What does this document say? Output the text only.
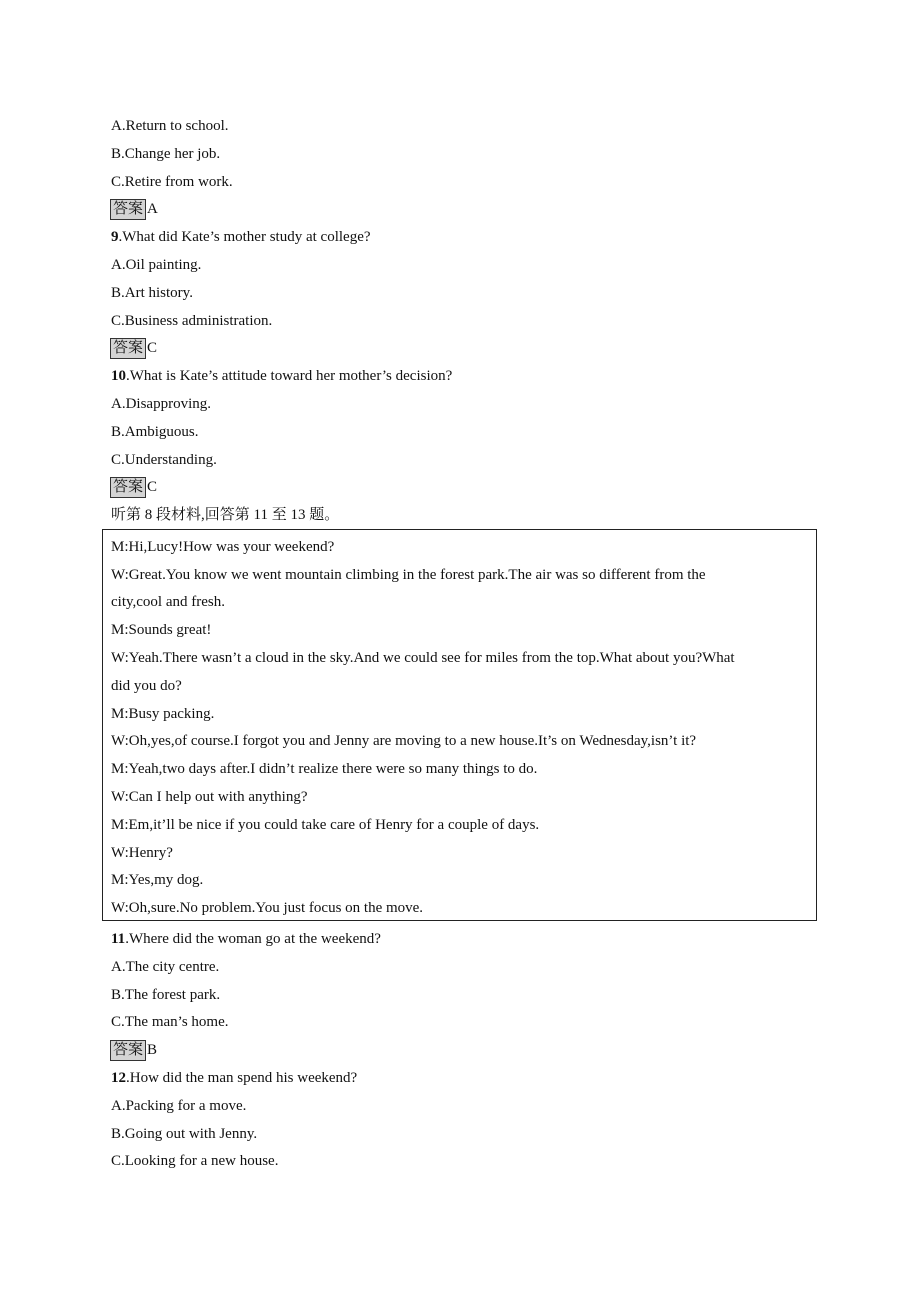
A.Return to school.
B.Change her job.
C.Retire from work.
答案 A
9.What did Kate’s mother study at college?
A.Oil painting.
B.Art history.
C.Business administration.
答案 C
10.What is Kate’s attitude toward her mother’s decision?
A.Disapproving.
B.Ambiguous.
C.Understanding.
答案 C
听第 8 段材料,回答第 11 至 13 题。
M:Hi,Lucy!How was your weekend?
W:Great.You know we went mountain climbing in the forest park.The air was so different from the
city,cool and fresh.
M:Sounds great!
W:Yeah.There wasn’t a cloud in the sky.And we could see for miles from the top.What about you?What
did you do?
M:Busy packing.
W:Oh,yes,of course.I forgot you and Jenny are moving to a new house.It’s on Wednesday,isn’t it?
M:Yeah,two days after.I didn’t realize there were so many things to do.
W:Can I help out with anything?
M:Em,it’ll be nice if you could take care of Henry for a couple of days.
W:Henry?
M:Yes,my dog.
W:Oh,sure.No problem.You just focus on the move.
11.Where did the woman go at the weekend?
A.The city centre.
B.The forest park.
C.The man’s home.
答案 B
12.How did the man spend his weekend?
A.Packing for a move.
B.Going out with Jenny.
C.Looking for a new house.
